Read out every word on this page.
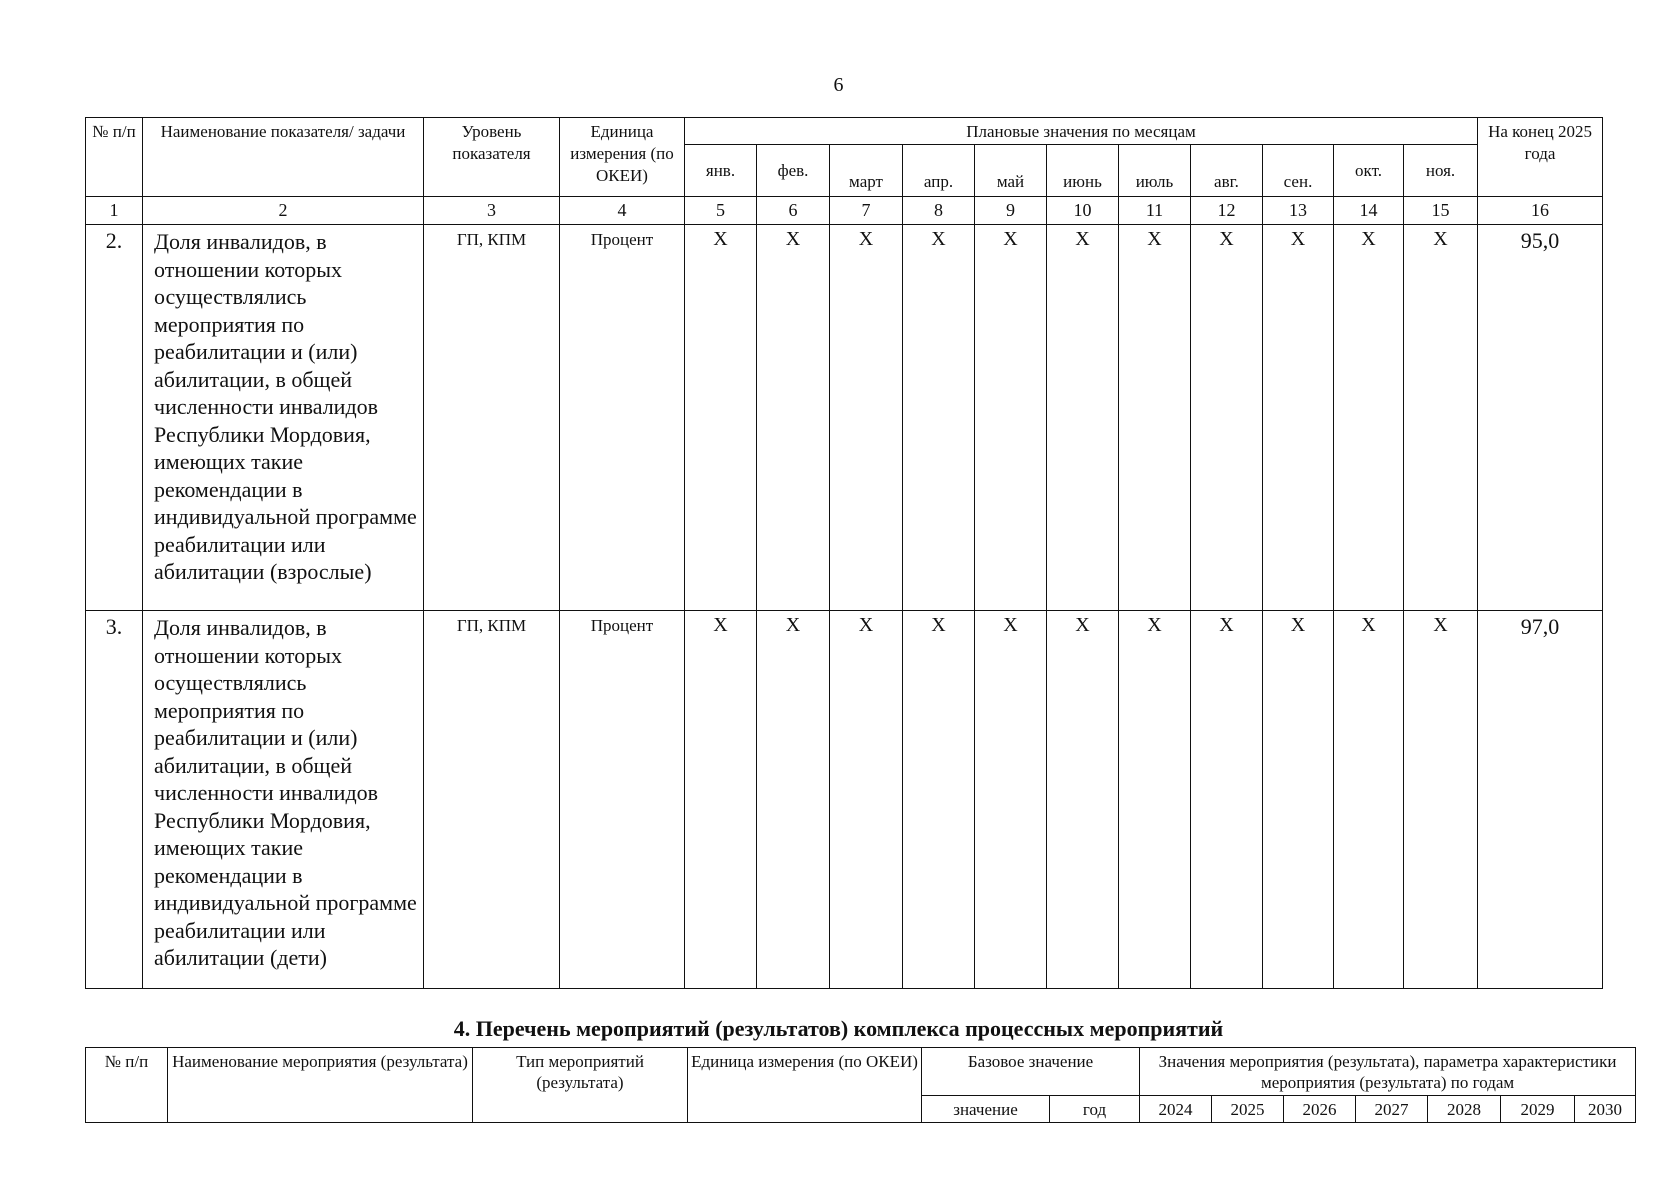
6
№ п/п	Наименование показателя/ задачи	Уровень показателя	Единица измерения (по ОКЕИ)	Плановые значения по месяцам											На конец 2025 года
				янв.	фев.	март	апр.	май	июнь	июль	авг.	сен.	окт.	ноя.	
1	2	3	4	5	6	7	8	9	10	11	12	13	14	15	16
2.	Доля инвалидов, в отношении которых осуществлялись мероприятия по реабилитации и (или) абилитации, в общей численности инвалидов Республики Мордовия, имеющих такие рекомендации в индивидуальной программе реабилитации или абилитации (взрослые)	ГП, КПМ	Процент	Х	Х	Х	Х	Х	Х	Х	Х	Х	Х	Х	95,0
3.	Доля инвалидов, в отношении которых осуществлялись мероприятия по реабилитации и (или) абилитации, в общей численности инвалидов Республики Мордовия, имеющих такие рекомендации в индивидуальной программе реабилитации или абилитации (дети)	ГП, КПМ	Процент	Х	Х	Х	Х	Х	Х	Х	Х	Х	Х	Х	97,0
4. Перечень мероприятий (результатов) комплекса процессных мероприятий
№ п/п	Наименование мероприятия (результата)	Тип мероприятий (результата)	Единица измерения (по ОКЕИ)	Базовое значение		Значения мероприятия (результата), параметра характеристики мероприятия (результата) по годам						
				значение	год	2024	2025	2026	2027	2028	2029	2030
